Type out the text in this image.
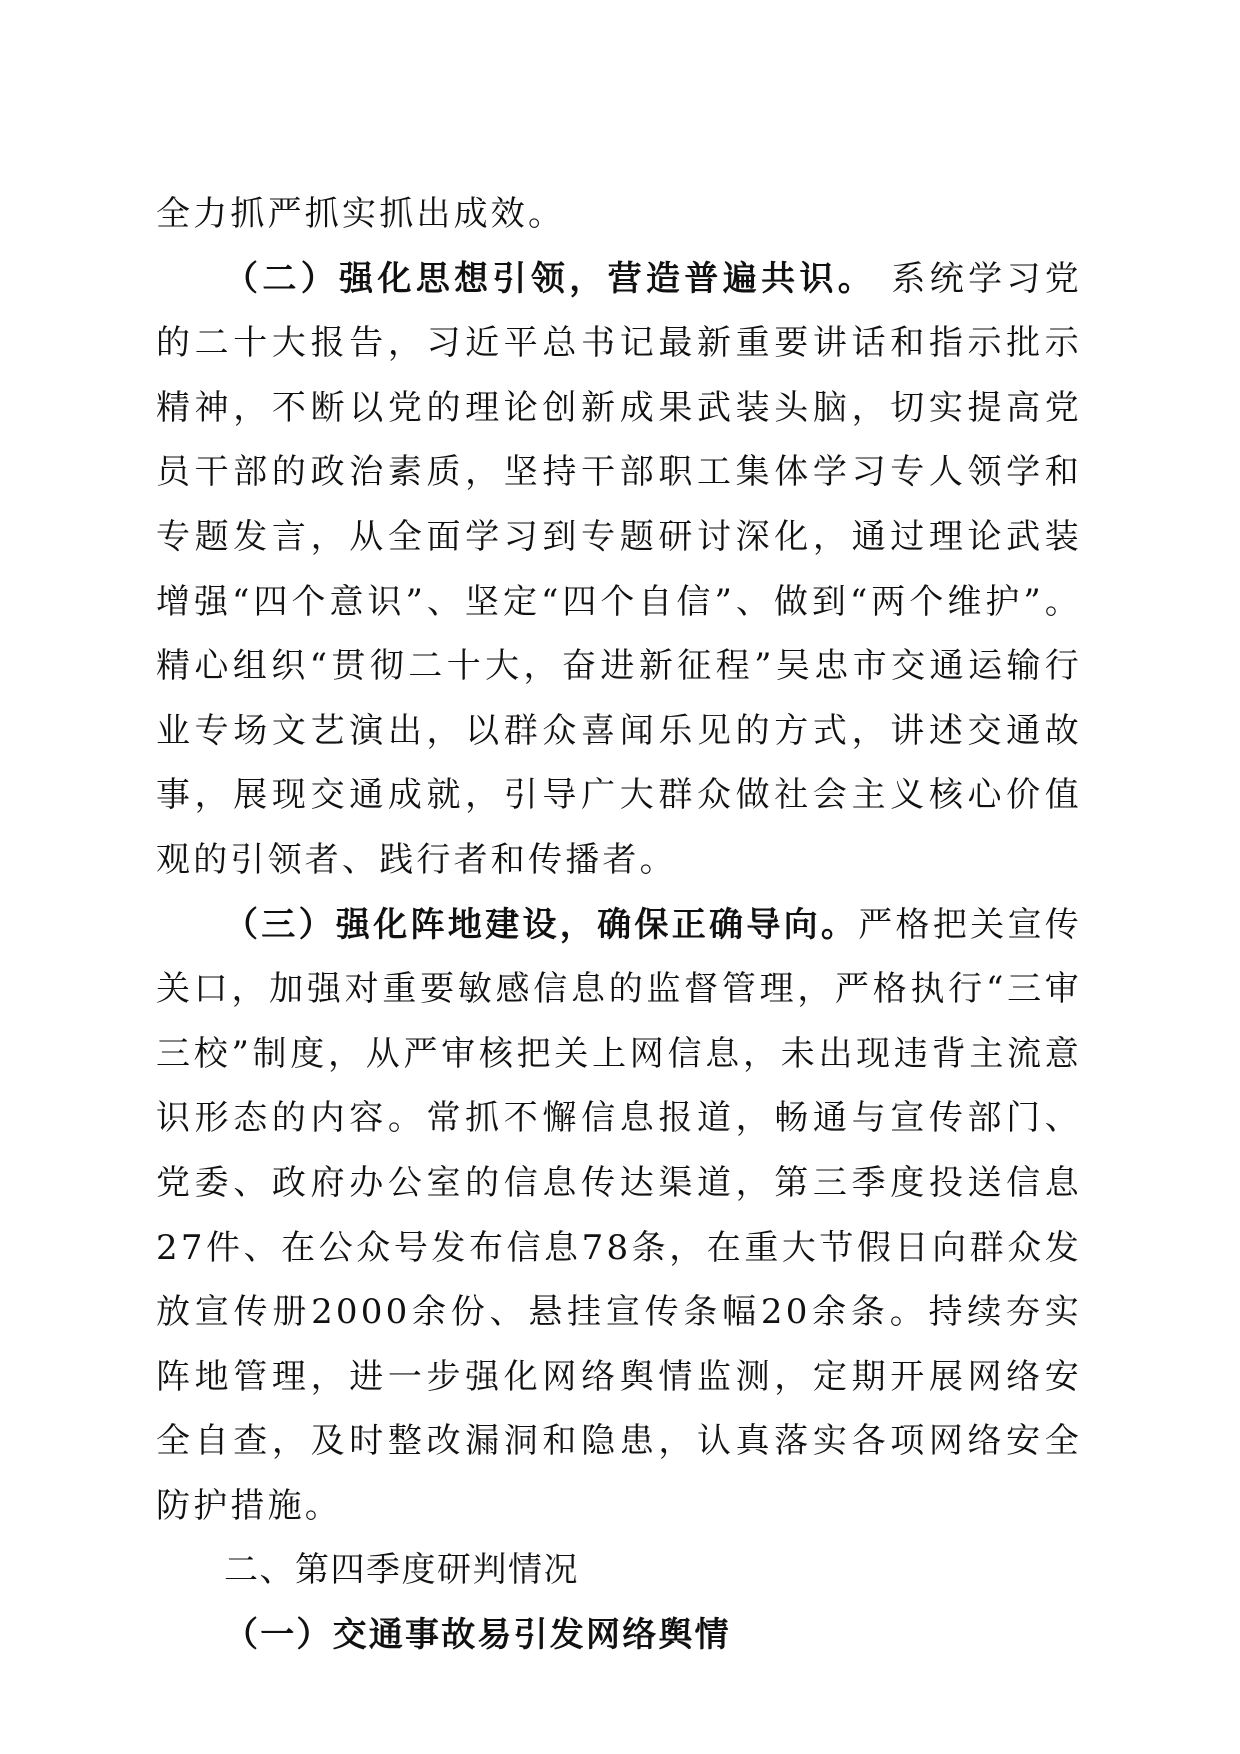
全力抓严抓实抓出成效。

（二）强化思想引领，营造普遍共识。 系统学习党的二十大报告，习近平总书记最新重要讲话和指示批示精神，不断以党的理论创新成果武装头脑，切实提高党员干部的政治素质，坚持干部职工集体学习专人领学和专题发言，从全面学习到专题研讨深化，通过理论武装增强“四个意识”、坚定“四个自信”、做到“两个维护”。精心组织“贯彻二十大，奋进新征程”吴忠市交通运输行业专场文艺演出，以群众喜闻乐见的方式，讲述交通故事，展现交通成就，引导广大群众做社会主义核心价值观的引领者、践行者和传播者。

（三）强化阵地建设，确保正确导向。严格把关宣传关口，加强对重要敏感信息的监督管理，严格执行“三审三校”制度，从严审核把关上网信息，未出现违背主流意识形态的内容。常抓不懈信息报道，畅通与宣传部门、党委、政府办公室的信息传达渠道，第三季度投送信息27件、在公众号发布信息78条，在重大节假日向群众发放宣传册2000余份、悬挂宣传条幅20余条。持续夯实阵地管理，进一步强化网络舆情监测，定期开展网络安全自查，及时整改漏洞和隐患，认真落实各项网络安全防护措施。

二、第四季度研判情况

（一）交通事故易引发网络舆情
